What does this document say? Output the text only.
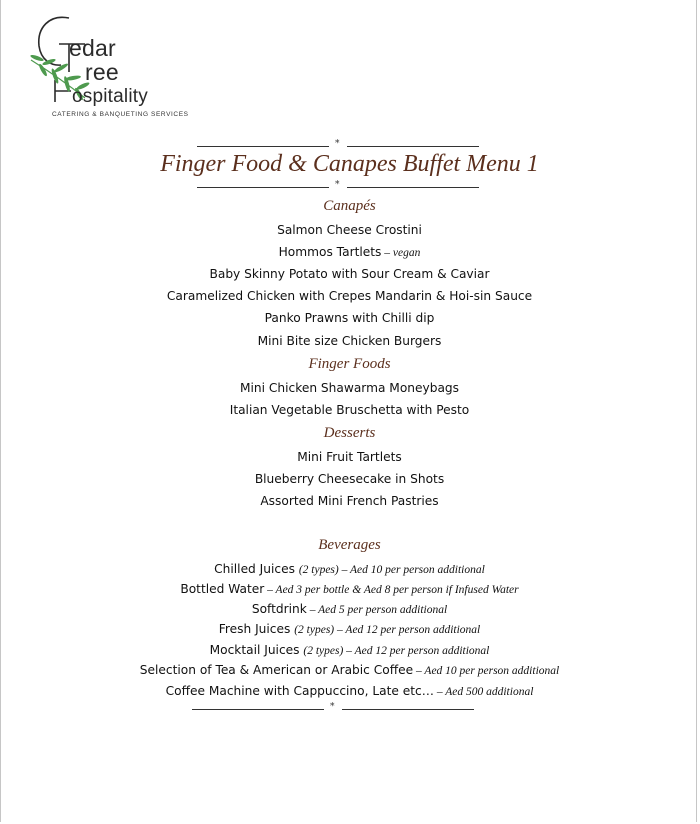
edar
ree
ospitality
CATERING & BANQUETING SERVICES
*
Finger Food & Canapes Buffet Menu 1
*
Canapés
Salmon Cheese Crostini
Hommos Tartlets – vegan
Baby Skinny Potato with Sour Cream & Caviar
Caramelized Chicken with Crepes Mandarin & Hoi-sin Sauce
Panko Prawns with Chilli dip
Mini Bite size Chicken Burgers
Finger Foods
Mini Chicken Shawarma Moneybags
Italian Vegetable Bruschetta with Pesto
Desserts
Mini Fruit Tartlets
Blueberry Cheesecake in Shots
Assorted Mini French Pastries
Beverages
Chilled Juices (2 types) – Aed 10 per person additional
Bottled Water – Aed 3 per bottle & Aed 8 per person if Infused Water
Softdrink – Aed 5 per person additional
Fresh Juices (2 types) – Aed 12 per person additional
Mocktail Juices (2 types) – Aed 12 per person additional
Selection of Tea & American or Arabic Coffee – Aed 10 per person additional
Coffee Machine with Cappuccino, Late etc… – Aed 500 additional
*
